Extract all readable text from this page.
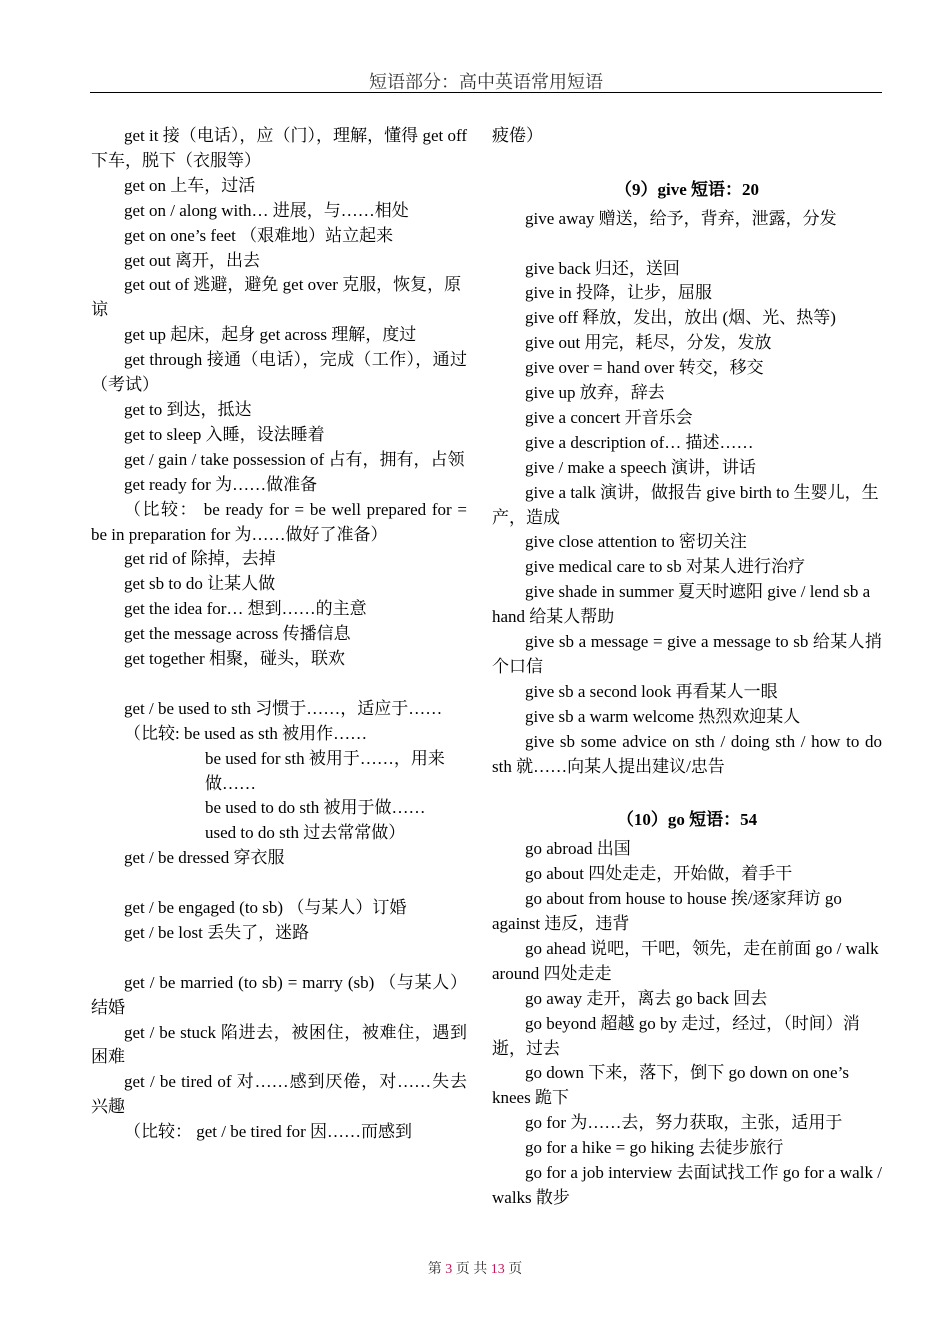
短语部分：高中英语常用短语

get it 接（电话），应（门），理解，懂得 get off 下车，脱下（衣服等）

get on 上车，过活

get on / along with… 进展，与……相处

get on one’s feet （艰难地）站立起来

get out 离开，出去

get out of 逃避，避免 get over 克服，恢复，原谅

get up 起床，起身 get across 理解，度过

get through 接通（电话），完成（工作），通过（考试）

get to 到达，抵达

get to sleep 入睡，设法睡着

get / gain / take possession of 占有，拥有，占领

get ready for 为……做准备

（比较： be ready for = be well prepared for = be in preparation for 为……做好了准备）

get rid of 除掉，去掉

get sb to do 让某人做

get the idea for… 想到……的主意

get the message across 传播信息

get together 相聚，碰头，联欢

get / be used to sth 习惯于……，适应于……

（比较: be used as sth 被用作……

be used for sth 被用于……，用来做……

be used to do sth 被用于做……

used to do sth 过去常常做）

get / be dressed 穿衣服

get / be engaged (to sb) （与某人）订婚

get / be lost 丢失了，迷路

get / be married (to sb) = marry (sb) （与某人）结婚

get / be stuck 陷进去，被困住，被难住，遇到困难

get / be tired of 对……感到厌倦，对……失去兴趣

（比较： get / be tired for 因……而感到

疲倦）

（9）give 短语：20

give away 赠送，给予，背弃，泄露，分发

give back 归还，送回

give in 投降，让步，屈服

give off 释放，发出，放出 (烟、光、热等)

give out 用完，耗尽，分发，发放

give over = hand over 转交，移交

give up 放弃，辞去

give a concert 开音乐会

give a description of… 描述……

give / make a speech 演讲，讲话

give a talk 演讲，做报告 give birth to 生婴儿，生产，造成

give close attention to 密切关注

give medical care to sb 对某人进行治疗

give shade in summer 夏天时遮阳 give / lend sb a hand 给某人帮助

give sb a message = give a message to sb 给某人捎个口信

give sb a second look 再看某人一眼

give sb a warm welcome 热烈欢迎某人

give sb some advice on sth / doing sth / how to do sth 就……向某人提出建议/忠告

（10）go 短语：54

go abroad 出国

go about 四处走走，开始做，着手干

go about from house to house 挨/逐家拜访 go against 违反，违背

go ahead 说吧，干吧，领先，走在前面 go / walk around 四处走走

go away 走开，离去 go back 回去

go beyond 超越 go by 走过，经过，（时间）消逝，过去

go down 下来，落下，倒下 go down on one’s knees 跪下

go for 为……去，努力获取，主张，适用于

go for a hike = go hiking 去徒步旅行

go for a job interview 去面试找工作 go for a walk / walks 散步

第 3 页 共 13 页
